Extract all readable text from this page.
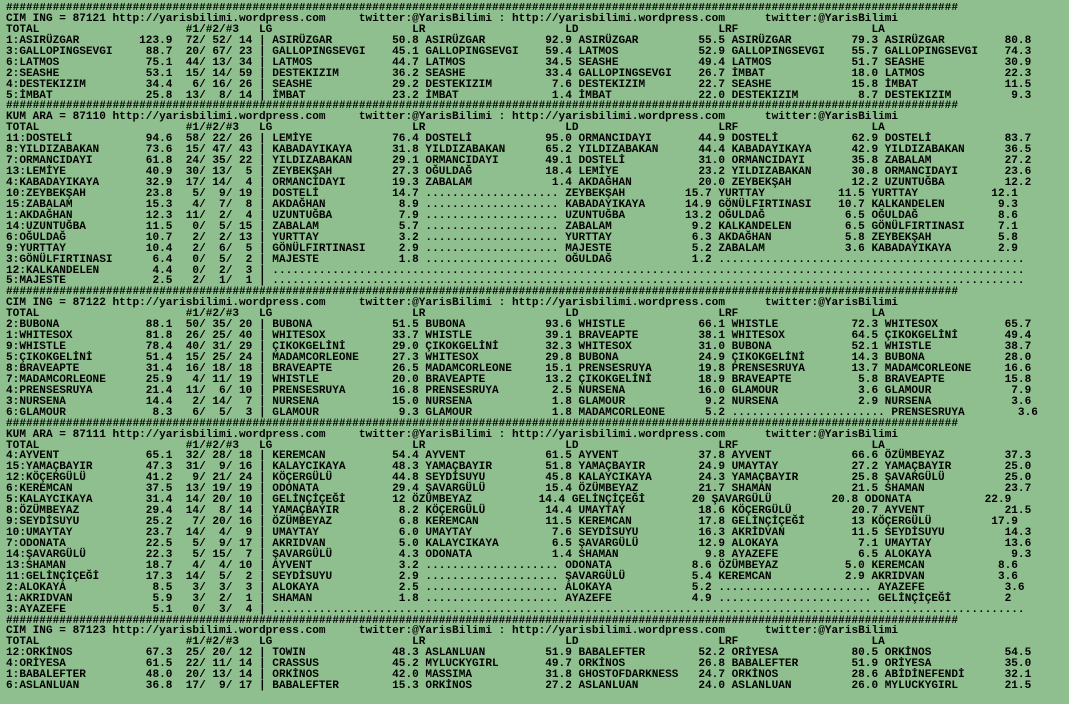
###############################################################################################################################################
CIM ING = 87121 http://yarisbilimi.wordpress.com     twitter:@YarisBilimi : http://yarisbilimi.wordpress.com      twitter:@YarisBilimi
TOTAL                      #1/#2/#3   LG                     LR                     LD                     LRF                    LA
1:ASIRÜZGAR         123.9  72/ 52/ 14 | ASIRÜZGAR         50.8 ASIRÜZGAR         92.9 ASIRÜZGAR         55.5 ASIRÜZGAR         79.3 ASIRÜZGAR         80.8
3:GALLOPINGSEVGI     88.7  20/ 67/ 23 | GALLOPINGSEVGI    45.1 GALLOPINGSEVGI    59.4 LATMOS            52.9 GALLOPINGSEVGI    55.7 GALLOPINGSEVGI    74.3
6:LATMOS             75.1  44/ 13/ 34 | LATMOS            44.7 LATMOS            34.5 SEASHE            49.4 LATMOS            51.7 SEASHE            30.9
2:SEASHE             53.1  15/ 14/ 59 | DESTEKIZIM        36.2 SEASHE            33.4 GALLOPINGSEVGI    26.7 İMBAT             18.0 LATMOS            22.3
4:DESTEKIZIM         34.4   6/ 16/ 26 | SEASHE            29.2 DESTEKIZIM         7.6 DESTEKIZIM        22.7 SEASHE            15.8 İMBAT             11.5
5:İMBAT              25.8  13/  8/ 14 | İMBAT             23.2 İMBAT              1.4 İMBAT             22.0 DESTEKIZIM         8.7 DESTEKIZIM         9.3
###############################################################################################################################################
KUM ARA = 87110 http://yarisbilimi.wordpress.com     twitter:@YarisBilimi : http://yarisbilimi.wordpress.com      twitter:@YarisBilimi
TOTAL                      #1/#2/#3   LG                     LR                     LD                     LRF                    LA
11:DOSTELİ           94.6  58/ 22/ 26 | LEMİYE            76.4 DOSTELİ           95.0 ORMANCIDAYI       44.9 DOSTELİ           62.9 DOSTELİ           83.7
8:YILDIZABAKAN       73.6  15/ 47/ 43 | KABADAYIKAYA      31.8 YILDIZABAKAN      65.2 YILDIZABAKAN      44.4 KABADAYIKAYA      42.9 YILDIZABAKAN      36.5
7:ORMANCIDAYI        61.8  24/ 35/ 22 | YILDIZABAKAN      29.1 ORMANCIDAYI       49.1 DOSTELİ           31.0 ORMANCIDAYI       35.8 ZABALAM           27.2
13:LEMİYE            40.9  30/ 13/  5 | ZEYBEKŞAH         27.3 OĞULDAĞ           18.4 LEMİYE            23.2 YILDIZABAKAN      30.8 ORMANCIDAYI       23.6
4:KABADAYIKAYA       32.9  17/ 14/  4 | ORMANCIDAYI       19.3 ZABALAM            1.4 AKDAĞHAN          20.0 ZEYBEKŞAH         12.2 UZUNTUĞBA         12.2
10:ZEYBEKŞAH         23.8   5/  9/ 19 | DOSTELİ           14.7 .................... ZEYBEKŞAH         15.7 YURTTAY           11.5 YURTTAY           12.1
15:ZABALAM           15.3   4/  7/  8 | AKDAĞHAN           8.9 .................... KABADAYIKAYA      14.9 GÖNÜLFIRTINASI    10.7 KALKANDELEN        9.3
1:AKDAĞHAN           12.3  11/  2/  4 | UZUNTUĞBA          7.9 .................... UZUNTUĞBA         13.2 OĞULDAĞ            6.5 OĞULDAĞ            8.6
14:UZUNTUĞBA         11.5   0/  5/ 15 | ZABALAM            5.7 .................... ZABALAM            9.2 KALKANDELEN        6.5 GÖNÜLFIRTINASI     7.1
6:OĞULDAĞ            10.7   2/  2/ 13 | YURTTAY            3.2 .................... YURTTAY            6.3 AKDAĞHAN           5.8 ZEYBEKŞAH          5.8
9:YURTTAY            10.4   2/  6/  5 | GÖNÜLFIRTINASI     2.9 .................... MAJESTE            5.2 ZABALAM            3.6 KABADAYIKAYA       2.9
3:GÖNÜLFIRTINASI      6.4   0/  5/  2 | MAJESTE            1.8 .................... OĞULDAĞ            1.2 ..............................................
12:KALKANDELEN        4.4   0/  2/  3 | .................................................................................................................
5:MAJESTE             2.5   2/  1/  1 | .................................................................................................................
###############################################################################################################################################
CIM ING = 87122 http://yarisbilimi.wordpress.com     twitter:@YarisBilimi : http://yarisbilimi.wordpress.com      twitter:@YarisBilimi
TOTAL                      #1/#2/#3   LG                     LR                     LD                     LRF                    LA
2:BUBONA             88.1  50/ 35/ 20 | BUBONA            51.5 BUBONA            93.6 WHISTLE           66.1 WHISTLE           72.3 WHITESOX          65.7
1:WHITESOX           81.8  26/ 25/ 40 | WHITESOX          33.7 WHISTLE           39.1 BRAVEAPTE         38.1 WHITESOX          64.5 ÇIKOKGELİNİ       49.4
9:WHISTLE            78.4  40/ 31/ 29 | ÇIKOKGELİNİ       29.0 ÇIKOKGELİNİ       32.3 WHITESOX          31.0 BUBONA            52.1 WHISTLE           38.7
5:ÇIKOKGELİNİ        51.4  15/ 25/ 24 | MADAMCORLEONE     27.3 WHITESOX          29.8 BUBONA            24.9 ÇIKOKGELİNİ       14.3 BUBONA            28.0
8:BRAVEAPTE          31.4  16/ 18/ 18 | BRAVEAPTE         26.5 MADAMCORLEONE     15.1 PRENSESRUYA       19.8 PRENSESRUYA       13.7 MADAMCORLEONE     16.6
7:MADAMCORLEONE      25.9   4/ 11/ 19 | WHISTLE           20.0 BRAVEAPTE         13.2 ÇIKOKGELİNİ       18.9 BRAVEAPTE          5.8 BRAVEAPTE         15.8
4:PRENSESRUYA        21.4  11/  6/ 10 | PRENSESRUYA       16.8 PRENSESRUYA        2.5 NURSENA           16.0 GLAMOUR            3.6 GLAMOUR            7.9
3:NURSENA            14.4   2/ 14/  7 | NURSENA           15.0 NURSENA            1.8 GLAMOUR            9.2 NURSENA            2.9 NURSENA            3.6
6:GLAMOUR             8.3   6/  5/  3 | GLAMOUR            9.3 GLAMOUR            1.8 MADAMCORLEONE      5.2 ....................... PRENSESRUYA        3.6
###############################################################################################################################################
KUM ARA = 87111 http://yarisbilimi.wordpress.com     twitter:@YarisBilimi : http://yarisbilimi.wordpress.com      twitter:@YarisBilimi
TOTAL                      #1/#2/#3   LG                     LR                     LD                     LRF                    LA
4:AYVENT             65.1  32/ 28/ 18 | KEREMCAN          54.4 AYVENT            61.5 AYVENT            37.8 AYVENT            66.6 ÖZÜMBEYAZ         37.3
15:YAMAÇBAYIR        47.3  31/  9/ 16 | KALAYCIKAYA       48.3 YAMAÇBAYIR        51.8 YAMAÇBAYIR        24.9 UMAYTAY           27.2 YAMAÇBAYIR        25.0
12:KÖÇERGÜLÜ         41.2   9/ 21/ 24 | KÖÇERGÜLÜ         44.8 SEYDİSUYU         45.8 KALAYCIKAYA       24.3 YAMAÇBAYIR        25.8 ŞAVARGÜLÜ         25.0
6:KEREMCAN           37.5  13/ 19/ 19 | ODONATA           29.4 ŞAVARGÜLÜ         15.4 ÖZÜMBEYAZ         21.7 SHAMAN            21.5 SHAMAN            23.7
5:KALAYCIKAYA        31.4  14/ 20/ 10 | GELİNÇİÇEĞİ       12 ÖZÜMBEYAZ          14.4 GELİNÇİÇEĞİ       20 ŞAVARGÜLÜ         20.8 ODONATA           22.9
8:ÖZÜMBEYAZ          29.4  14/  8/ 14 | YAMAÇBAYIR         8.2 KÖÇERGÜLÜ         14.4 UMAYTAY           18.6 KÖÇERGÜLÜ         20.7 AYVENT            21.5
9:SEYDİSUYU          25.2   7/ 20/ 16 | ÖZÜMBEYAZ          6.8 KEREMCAN          11.5 KEREMCAN          17.8 GELİNÇİÇEĞİ       13 KÖÇERGÜLÜ         17.9
10:UMAYTAY           23.7  14/  4/  9 | UMAYTAY            6.0 UMAYTAY            7.6 SEYDİSUYU         16.3 AKRİDVAN          11.5 SEYDİSUYU         14.3
7:ODONATA            22.5   5/  9/ 17 | AKRIDVAN           5.0 KALAYCIKAYA        6.5 ŞAVARGÜLÜ         12.9 ALOKAYA            7.1 UMAYTAY           13.6
14:ŞAVARGÜLÜ         22.3   5/ 15/  7 | ŞAVARGÜLÜ          4.3 ODONATA            1.4 SHAMAN             9.8 AYAZEFE            6.5 ALOKAYA            9.3
13:SHAMAN            18.7   4/  4/ 10 | AYVENT             3.2 .................... ODONATA            8.6 ÖZÜMBEYAZ          5.0 KEREMCAN           8.6
11:GELİNÇİÇEĞİ       17.3  14/  5/  2 | SEYDİSUYU          2.9 .................... ŞAVARGÜLÜ          5.4 KEREMCAN           2.9 AKRIDVAN           3.6
2:ALOKAYA             8.5   3/  3/  3 | ALOKAYA            2.5 .................... ALOKAYA            5.2 ....................... AYAZEFE            3.6
1:AKRIDVAN            5.9   3/  2/  1 | SHAMAN             1.8 .................... AYAZEFE            4.9 ....................... GELİNÇİÇEĞİ        2
3:AYAZEFE             5.1   0/  3/  4 | .................................................................................................................
###############################################################################################################################################
CIM ING = 87123 http://yarisbilimi.wordpress.com     twitter:@YarisBilimi : http://yarisbilimi.wordpress.com      twitter:@YarisBilimi
TOTAL                      #1/#2/#3   LG                     LR                     LD                     LRF                    LA
12:ORKİNOS           67.3  25/ 20/ 12 | TOWIN             48.3 ASLANLUAN         51.9 BABALEFTER        52.2 ORİYESA           80.5 ORKİNOS           54.5
4:ORİYESA            61.5  22/ 11/ 14 | CRASSUS           45.2 MYLUCKYGIRL       49.7 ORKİNOS           26.8 BABALEFTER        51.9 ORİYESA           35.0
1:BABALEFTER         48.0  20/ 13/ 14 | ORKİNOS           42.0 MASSIMA           31.8 GHOSTOFDARKNESS   24.7 ORKİNOS           28.6 ABİDİNEFENDİ      32.1
6:ASLANLUAN          36.8  17/  9/ 17 | BABALEFTER        15.3 ORKİNOS           27.2 ASLANLUAN         24.0 ASLANLUAN         26.0 MYLUCKYGIRL       21.5
